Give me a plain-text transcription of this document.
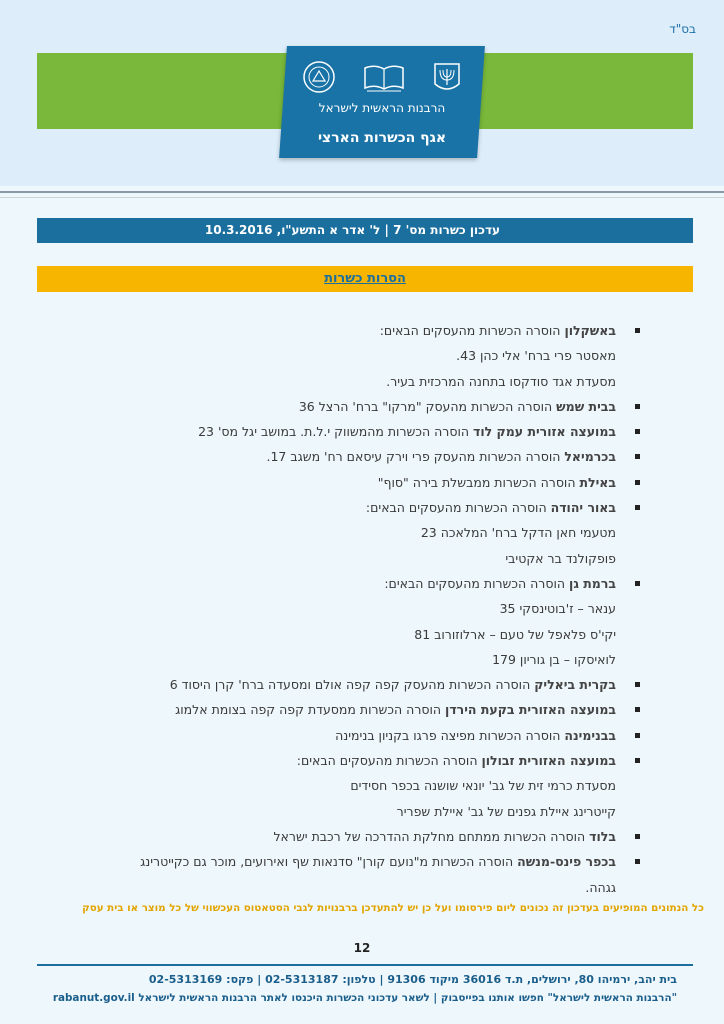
בס"ד
הרבנות הראשית לישראל
אגף הכשרות הארצי
עדכון כשרות מס' 7 | ל' אדר א התשע"ו, 10.3.2016
הסרות כשרות
באשקלון הוסרה הכשרות מהעסקים הבאים:
מאסטר פרי ברח' אלי כהן 43.
מסעדת אגד סודקסו בתחנה המרכזית בעיר.
בבית שמש הוסרה הכשרות מהעסק "מרקו" ברח' הרצל 36
במועצה אזורית עמק לוד הוסרה הכשרות מהמשווק י.ל.ת. במושב יגל מס' 23
בכרמיאל הוסרה הכשרות מהעסק פרי וירק עיסאם רח' משגב 17.
באילת הוסרה הכשרות ממבשלת בירה "סוף"
באור יהודה הוסרה הכשרות מהעסקים הבאים:
מטעמי חאן הדקל ברח' המלאכה 23
פופקולנד בר אקטיבי
ברמת גן הוסרה הכשרות מהעסקים הבאים:
ענאר – ז'בוטינסקי 35
יקי'ס פלאפל של טעם – ארלוזורוב 81
לואיסקו – בן גוריון 179
בקרית ביאליק הוסרה הכשרות מהעסק קפה קפה אולם ומסעדה ברח' קרן היסוד 6
במועצה האזורית בקעת הירדן הוסרה הכשרות ממסעדת קפה קפה בצומת אלמוג
בבנימינה הוסרה הכשרות מפיצה פרגו בקניון בנימינה
במועצה האזורית זבולון הוסרה הכשרות מהעסקים הבאים:
מסעדת כרמי זית של גב' יונאי שושנה בכפר חסידים
קייטרינג איילת גפנים של גב' איילת שפריר
בלוד הוסרה הכשרות ממתחם מחלקת ההדרכה של רכבת ישראל
בכפר פינס-מנשה הוסרה הכשרות מ"נועם קורן" סדנאות שף ואירועים, מוכר גם כקייטרינג
גגהה.
כל הנתונים המופיעים בעדכון זה נכונים ליום פירסומו ועל כן יש להתעדכן ברבנויות לגבי הסטאטוס העכשווי של כל מוצר או בית עסק
12
בית יהב, ירמיהו 80, ירושלים, ת.ד 36016 מיקוד 91306 | טלפון: 02-5313187 | פקס: 02-5313169
"הרבנות הראשית לישראל" חפשו אותנו בפייסבוק | לשאר עדכוני הכשרות היכנסו לאתר הרבנות הראשית לישראל rabanut.gov.il
